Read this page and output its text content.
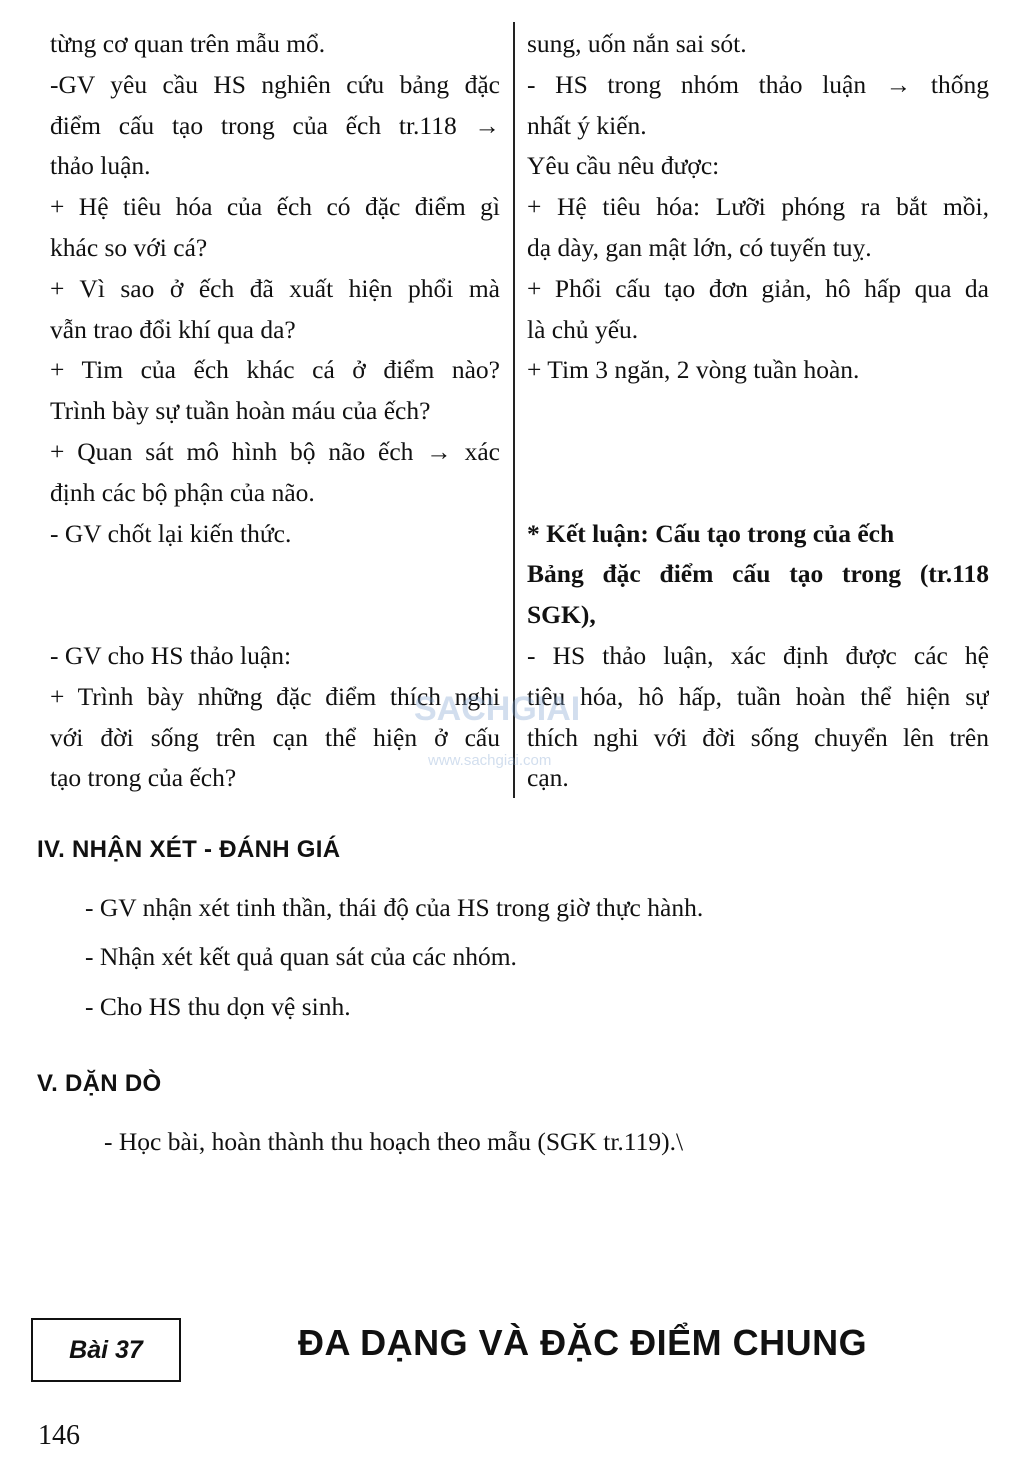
từng cơ quan trên mẫu mổ.
-GV yêu cầu HS nghiên cứu bảng đặc
điểm cấu tạo trong của ếch tr.118 →
thảo luận.
+ Hệ tiêu hóa của ếch có đặc điểm gì
khác so với cá?
+ Vì sao ở ếch đã xuất hiện phổi mà
vẫn trao đổi khí qua da?
+ Tim của ếch khác cá ở điểm nào?
Trình bày sự tuần hoàn máu của ếch?
+ Quan sát mô hình bộ não ếch → xác
định các bộ phận của não.
- GV chốt lại kiến thức.
- GV cho HS thảo luận:
+ Trình bày những đặc điểm thích nghi
với đời sống trên cạn thể hiện ở cấu
tạo trong của ếch?
sung, uốn nắn sai sót.
- HS trong nhóm thảo luận → thống
nhất ý kiến.
Yêu cầu nêu được:
+ Hệ tiêu hóa: Lưỡi phóng ra bắt mồi,
dạ dày, gan mật lớn, có tuyến tuỵ.
+ Phổi cấu tạo đơn giản, hô hấp qua da
là chủ yếu.
+ Tim 3 ngăn, 2 vòng tuần hoàn.
* Kết luận: Cấu tạo trong của ếch
Bảng đặc điểm cấu tạo trong (tr.118
SGK),
- HS thảo luận, xác định được các hệ
tiêu hóa, hô hấp, tuần hoàn thể hiện sự
thích nghi với đời sống chuyển lên trên
cạn.
SACHGIAI
www.sachgiai.com
IV. NHẬN XÉT - ĐÁNH GIÁ
- GV nhận xét tinh thần, thái độ của HS trong giờ thực hành.
- Nhận xét kết quả quan sát của các nhóm.
- Cho HS thu dọn vệ sinh.
V. DẶN DÒ
- Học bài, hoàn thành thu hoạch theo mẫu (SGK tr.119).\
Bài 37	ĐA DẠNG VÀ ĐẶC ĐIỂM CHUNG
146
